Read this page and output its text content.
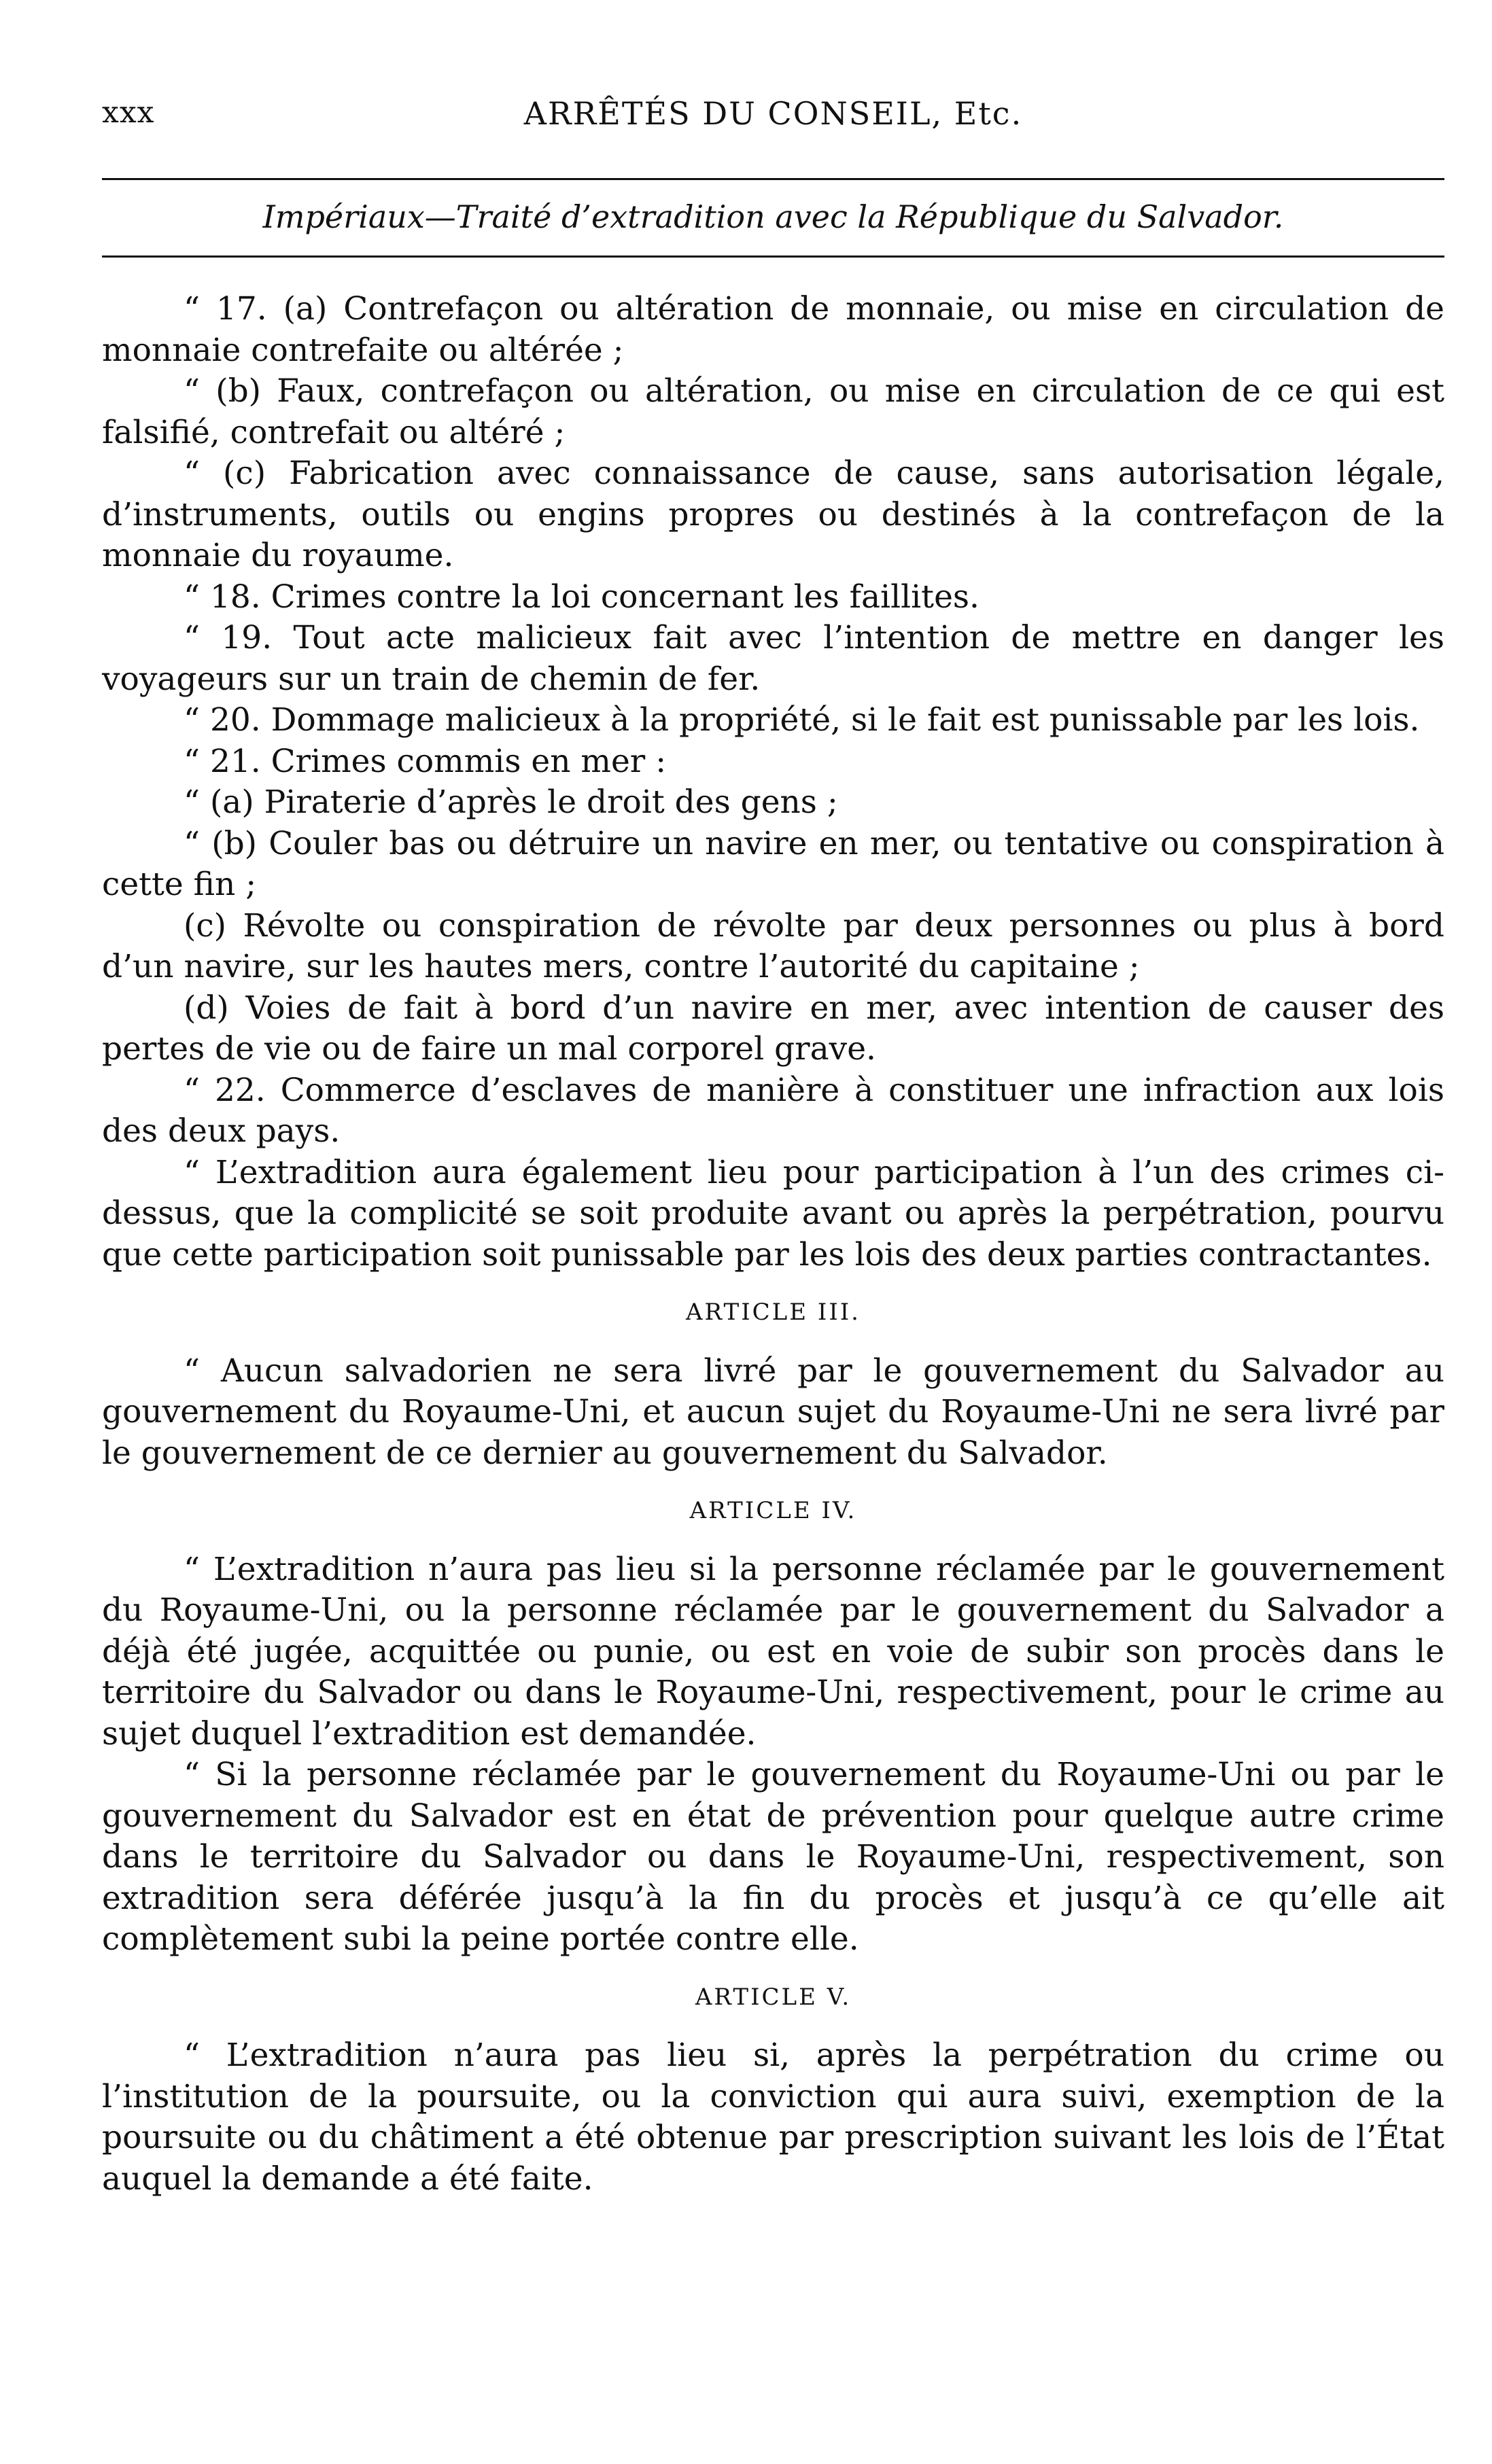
xxx	ARRÊTÉS DU CONSEIL, Etc.
Impériaux—Traité d’extradition avec la République du Salvador.

“ 17. (a) Contrefaçon ou altération de monnaie, ou mise en circulation de monnaie contrefaite ou altérée ;

“ (b) Faux, contrefaçon ou altération, ou mise en circulation de ce qui est falsifié, contrefait ou altéré ;

“ (c) Fabrication avec connaissance de cause, sans autorisation légale, d’instruments, outils ou engins propres ou destinés à la contrefaçon de la monnaie du royaume.

“ 18. Crimes contre la loi concernant les faillites.

“ 19. Tout acte malicieux fait avec l’intention de mettre en danger les voyageurs sur un train de chemin de fer.

“ 20. Dommage malicieux à la propriété, si le fait est punissable par les lois.

“ 21. Crimes commis en mer :

“ (a) Piraterie d’après le droit des gens ;

“ (b) Couler bas ou détruire un navire en mer, ou tentative ou conspiration à cette fin ;

(c) Révolte ou conspiration de révolte par deux personnes ou plus à bord d’un navire, sur les hautes mers, contre l’autorité du capitaine ;

(d) Voies de fait à bord d’un navire en mer, avec intention de causer des pertes de vie ou de faire un mal corporel grave.

“ 22. Commerce d’esclaves de manière à constituer une infraction aux lois des deux pays.

“ L’extradition aura également lieu pour participation à l’un des crimes ci-dessus, que la complicité se soit produite avant ou après la perpétration, pourvu que cette participation soit punissable par les lois des deux parties contractantes.

ARTICLE III.

“ Aucun salvadorien ne sera livré par le gouvernement du Salvador au gouvernement du Royaume-Uni, et aucun sujet du Royaume-Uni ne sera livré par le gouvernement de ce dernier au gouvernement du Salvador.

ARTICLE IV.

“ L’extradition n’aura pas lieu si la personne réclamée par le gouvernement du Royaume-Uni, ou la personne réclamée par le gouvernement du Salvador a déjà été jugée, acquittée ou punie, ou est en voie de subir son procès dans le territoire du Salvador ou dans le Royaume-Uni, respectivement, pour le crime au sujet duquel l’extradition est demandée.

“ Si la personne réclamée par le gouvernement du Royaume-Uni ou par le gouvernement du Salvador est en état de prévention pour quelque autre crime dans le territoire du Salvador ou dans le Royaume-Uni, respectivement, son extradition sera déférée jusqu’à la fin du procès et jusqu’à ce qu’elle ait complètement subi la peine portée contre elle.

ARTICLE V.

“ L’extradition n’aura pas lieu si, après la perpétration du crime ou l’institution de la poursuite, ou la conviction qui aura suivi, exemption de la poursuite ou du châtiment a été obtenue par prescription suivant les lois de l’État auquel la demande a été faite.
